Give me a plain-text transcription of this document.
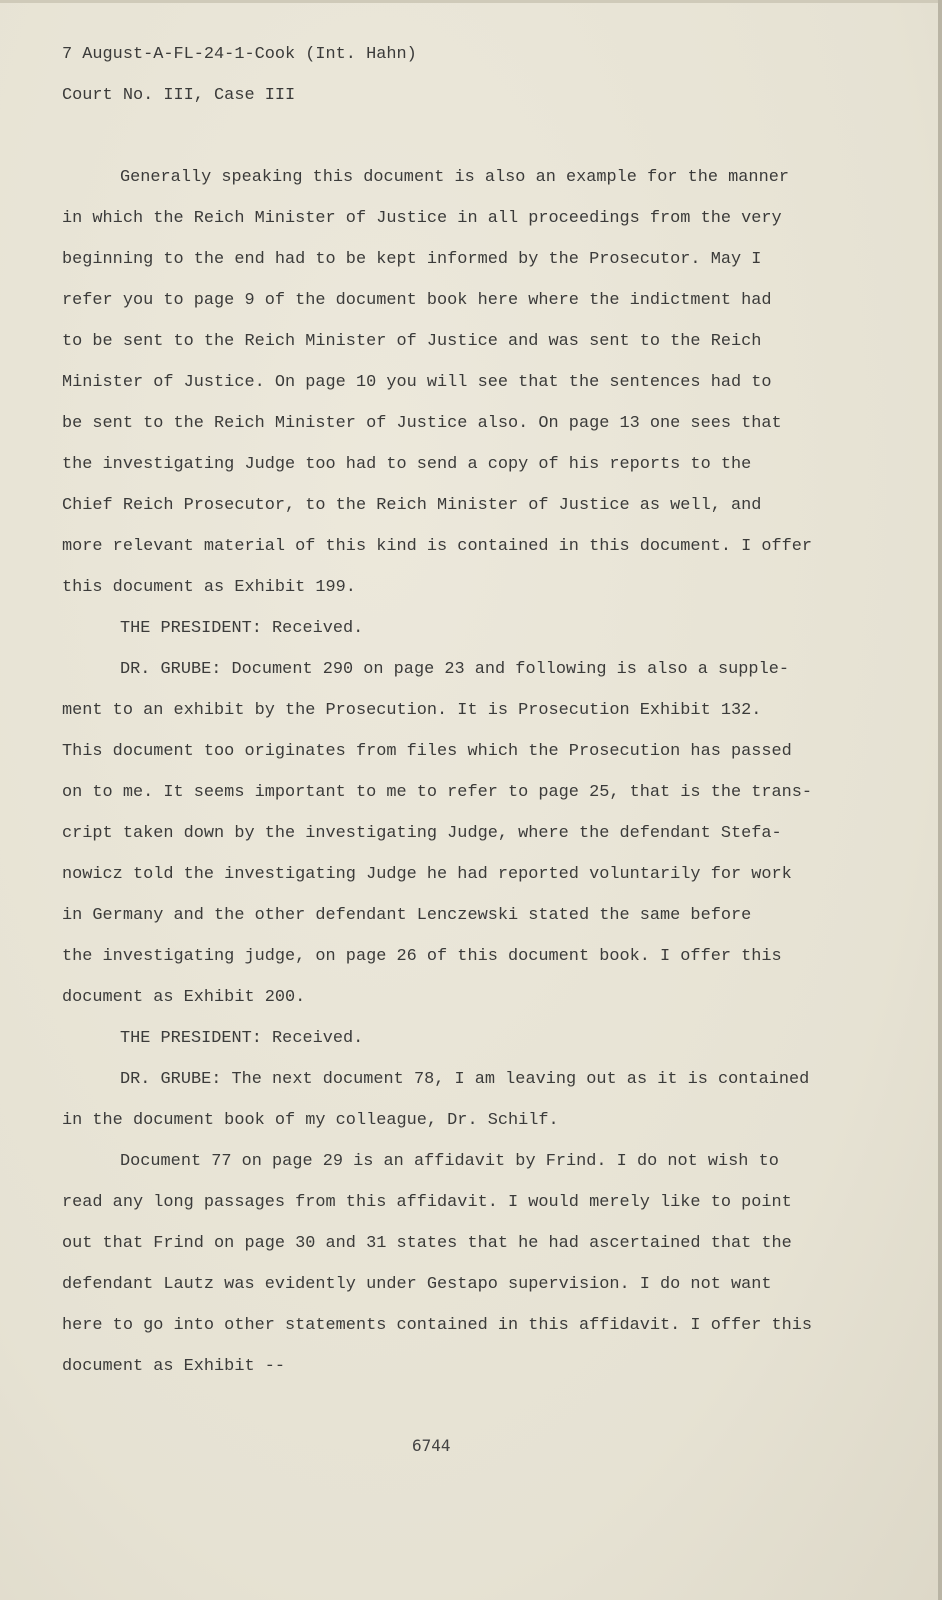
7 August-A-FL-24-1-Cook (Int. Hahn)
Court No. III, Case III
Generally speaking this document is also an example for the manner
in which the Reich Minister of Justice in all proceedings from the very
beginning to the end had to be kept informed by the Prosecutor. May I
refer you to page 9 of the document book here where the indictment had
to be sent to the Reich Minister of Justice and was sent to the Reich
Minister of Justice. On page 10 you will see that the sentences had to
be sent to the Reich Minister of Justice also. On page 13 one sees that
the investigating Judge too had to send a copy of his reports to the
Chief Reich Prosecutor, to the Reich Minister of Justice as well, and
more relevant material of this kind is contained in this document. I offer
this document as Exhibit 199.
THE PRESIDENT: Received.
DR. GRUBE: Document 290 on page 23 and following is also a supple-
ment to an exhibit by the Prosecution. It is Prosecution Exhibit 132.
This document too originates from files which the Prosecution has passed
on to me. It seems important to me to refer to page 25, that is the trans-
cript taken down by the investigating Judge, where the defendant Stefa-
nowicz told the investigating Judge he had reported voluntarily for work
in Germany and the other defendant Lenczewski stated the same before
the investigating judge, on page 26 of this document book. I offer this
document as Exhibit 200.
THE PRESIDENT: Received.
DR. GRUBE: The next document 78, I am leaving out as it is contained
in the document book of my colleague, Dr. Schilf.
Document 77 on page 29 is an affidavit by Frind. I do not wish to
read any long passages from this affidavit. I would merely like to point
out that Frind on page 30 and 31 states that he had ascertained that the
defendant Lautz was evidently under Gestapo supervision. I do not want
here to go into other statements contained in this affidavit. I offer this
document as Exhibit --
6744
